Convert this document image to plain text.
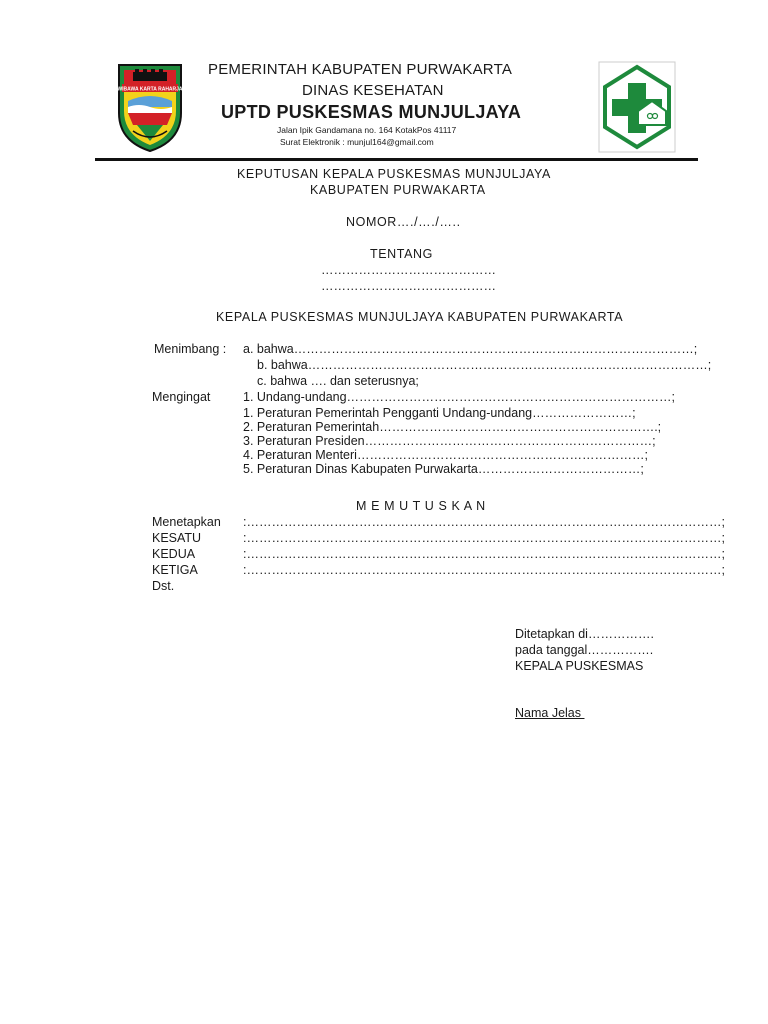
WIBAWA KARTA RAHARJA
PEMERINTAH KABUPATEN PURWAKARTA
DINAS KESEHATAN
UPTD PUSKESMAS MUNJULJAYA
Jalan Ipik Gandamana no. 164 KotakPos 41117
Surat Elektronik : munjul164@gmail.com
KEPUTUSAN KEPALA PUSKESMAS MUNJULJAYA
KABUPATEN PURWAKARTA
NOMOR…./…./…..
TENTANG
……………………………………
……………………………………
KEPALA PUSKESMAS MUNJULJAYA KABUPATEN PURWAKARTA
Menimbang : a. bahwa……………………………………………………………………………………;
b. bahwa……………………………………………………………………………………;
c. bahwa …. dan seterusnya;
Mengingat	1. Undang-undang……………………………………………………………………;
1. Peraturan Pemerintah Pengganti Undang-undang……………………;
2. Peraturan Pemerintah………………………………………………………….;
3. Peraturan Presiden……………………………………………………………;
4. Peraturan Menteri……………………………………………………………;
5. Peraturan Dinas Kabupaten Purwakarta…………………………………;
M E M U T U S K A N
Menetapkan :……………………………………………………………………………………………………;
KESATU	:……………………………………………………………………………………………………;
KEDUA	:……………………………………………………………………………………………………;
KETIGA	:……………………………………………………………………………………………………;
Dst.
Ditetapkan di…………….
pada tanggal…………….
KEPALA PUSKESMAS
Nama Jelas
